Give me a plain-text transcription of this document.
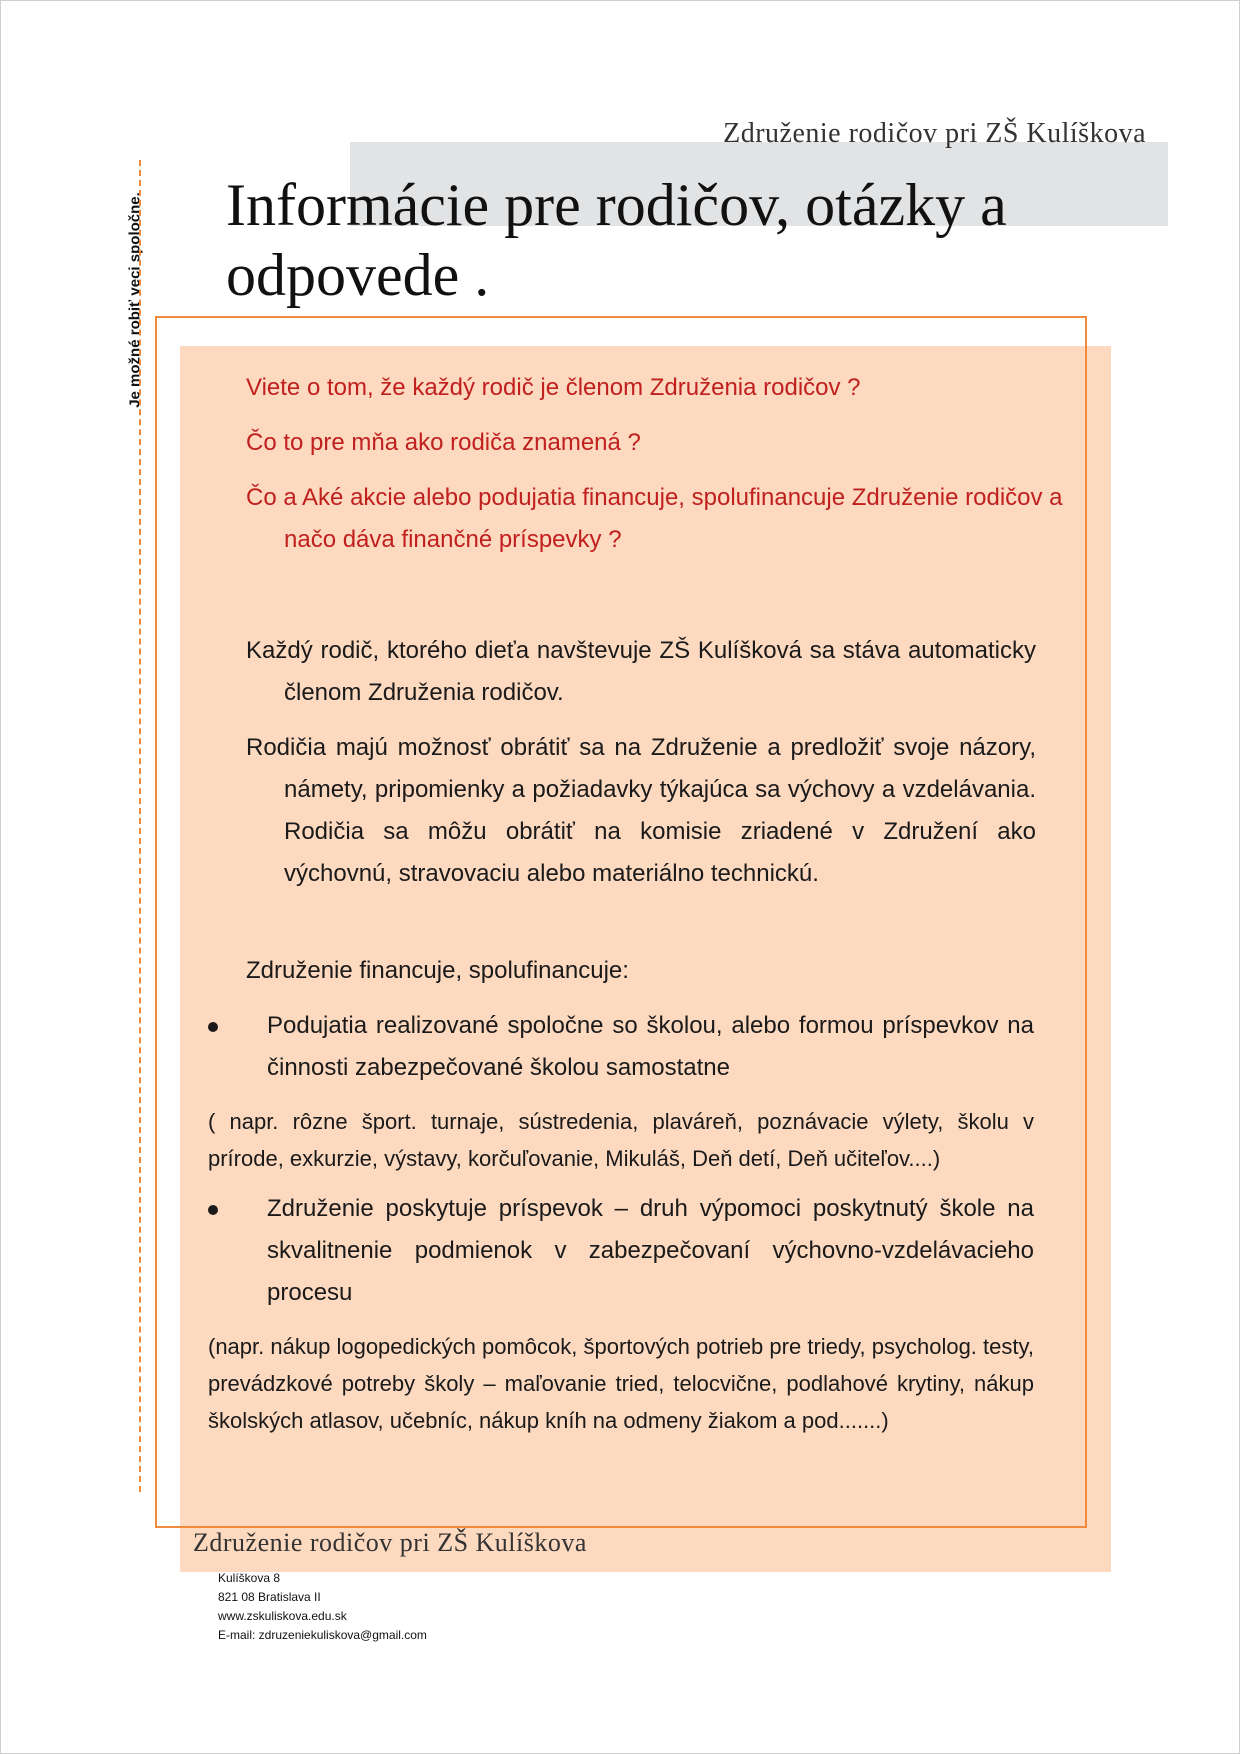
Združenie rodičov pri ZŠ Kulíškova
Informácie pre rodičov, otázky a odpovede .
Je možné robiť veci spoločne.	Viete o tom, že každý rodič je členom Združenia rodičov ?

Čo to pre mňa ako rodiča znamená ?

Čo a Aké akcie alebo podujatia financuje, spolufinancuje Združenie rodičov a načo dáva finančné príspevky ?

Každý rodič, ktorého dieťa navštevuje ZŠ Kulíšková sa stáva automaticky členom Združenia rodičov.

Rodičia majú možnosť obrátiť sa na Združenie a predložiť svoje názory, námety, pripomienky a požiadavky týkajúca sa výchovy a vzdelávania. Rodičia sa môžu obrátiť na komisie zriadené v Združení ako výchovnú, stravovaciu alebo materiálno technickú.

Združenie financuje, spolufinancuje:

Podujatia realizované spoločne so školou, alebo formou príspevkov na činnosti zabezpečované školou samostatne

( napr. rôzne šport. turnaje, sústredenia, plaváreň, poznávacie výlety, školu v prírode, exkurzie, výstavy, korčuľovanie, Mikuláš, Deň detí, Deň učiteľov....)

Združenie poskytuje príspevok – druh výpomoci poskytnutý škole na skvalitnenie podmienok v zabezpečovaní výchovno-vzdelávacieho procesu

(napr. nákup logopedických pomôcok, športových potrieb pre triedy, psycholog. testy, prevádzkové potreby školy – maľovanie tried, telocvične, podlahové krytiny, nákup školských atlasov, učebníc, nákup kníh na odmeny žiakom a pod.......)

Združenie rodičov pri ZŠ Kulíškova
Kulíškova 8
821 08 Bratislava II
www.zskuliskova.edu.sk
E-mail: zdruzeniekuliskova@gmail.com
